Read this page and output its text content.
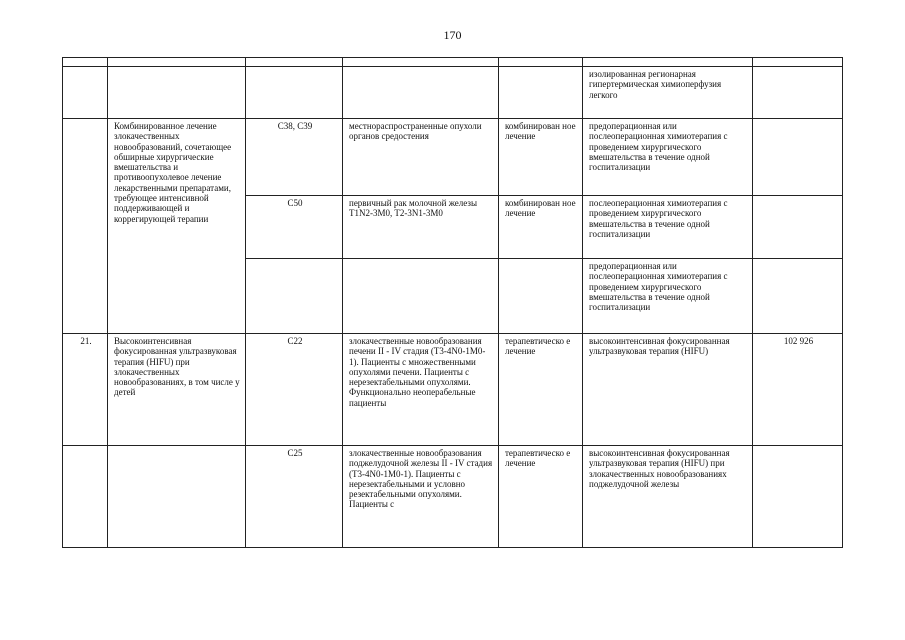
170

					изолированная регионарная гипертермическая химиоперфузия легкого	
	Комбинированное лечение злокачественных новообразований, сочетающее обширные хирургические вмешательства и противоопухолевое лечение лекарственными препаратами, требующее интенсивной поддерживающей и коррегирующей терапии	C38, C39	местнораспространенные опухоли органов средостения	комбинирован ное лечение	предоперационная или послеоперационная химиотерапия с проведением хирургического вмешательства в течение одной госпитализации	
		C50	первичный рак молочной железы T1N2-3M0, T2-3N1-3M0	комбинирован ное лечение	послеоперационная химиотерапия с проведением хирургического вмешательства в течение одной госпитализации	
					предоперационная или послеоперационная химиотерапия с проведением хирургического вмешательства в течение одной госпитализации	
21.	Высокоинтенсивная фокусированная ультразвуковая терапия (HIFU) при злокачественных новообразованиях, в том числе у детей	C22	злокачественные новообразования печени II - IV стадия (T3-4N0-1M0-1). Пациенты с множественными опухолями печени. Пациенты с нерезектабельными опухолями. Функционально неоперабельные пациенты	терапевтическо е лечение	высокоинтенсивная фокусированная ультразвуковая терапия (HIFU)	102 926
		C25	злокачественные новообразования поджелудочной железы II - IV стадия (T3-4N0-1M0-1). Пациенты с нерезектабельными и условно резектабельными опухолями. Пациенты с	терапевтическо е лечение	высокоинтенсивная фокусированная ультразвуковая терапия (HIFU) при злокачественных новообразованиях поджелудочной железы	
